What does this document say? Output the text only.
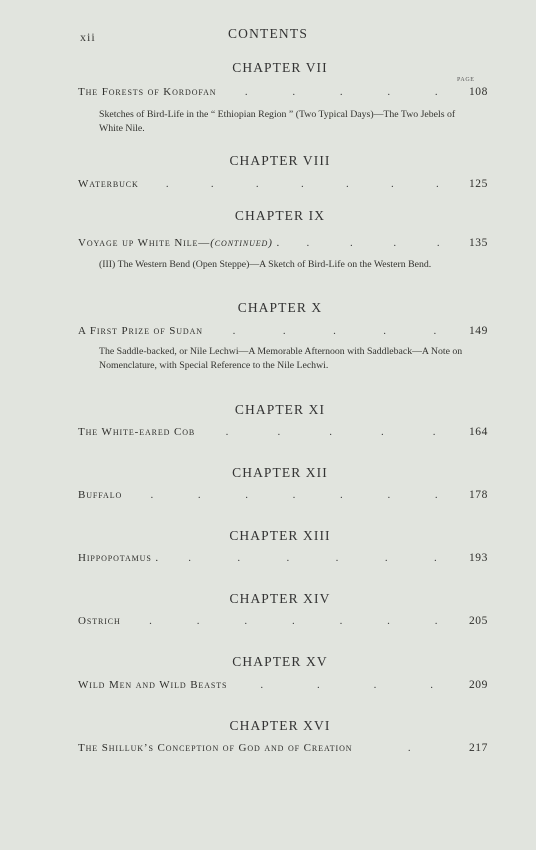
xii	CONTENTS
PAGE
CHAPTER VII
The Forests of Kordofan	.	.	.	.	.	108
Sketches of Bird-Life in the “ Ethiopian Region ” (Two Typical Days)—The Two Jebels of White Nile.
CHAPTER VIII
Waterbuck .	.	.	.	.	.	.	125
CHAPTER IX
Voyage up White Nile—(continued) . .	.	.	.	135
(III) The Western Bend (Open Steppe)—A Sketch of Bird-Life on the Western Bend.
CHAPTER X
A First Prize of Sudan	.	.	.	.	.	149
The Saddle-backed, or Nile Lechwi—A Memorable Afternoon with Saddleback—A Note on Nomenclature, with Special Reference to the Nile Lechwi.
CHAPTER XI
The White-eared Cob	.	.	.	.	.	164
CHAPTER XII
Buffalo	.	.	.	.	.	.	.	178
CHAPTER XIII
Hippopotamus .	.	.	.	.	.	.	193
CHAPTER XIV
Ostrich	.	.	.	.	.	.	.	205
CHAPTER XV
Wild Men and Wild Beasts	.	.	.	.	209
CHAPTER XVI
The Shilluk’s Conception of God and of Creation	.	217
